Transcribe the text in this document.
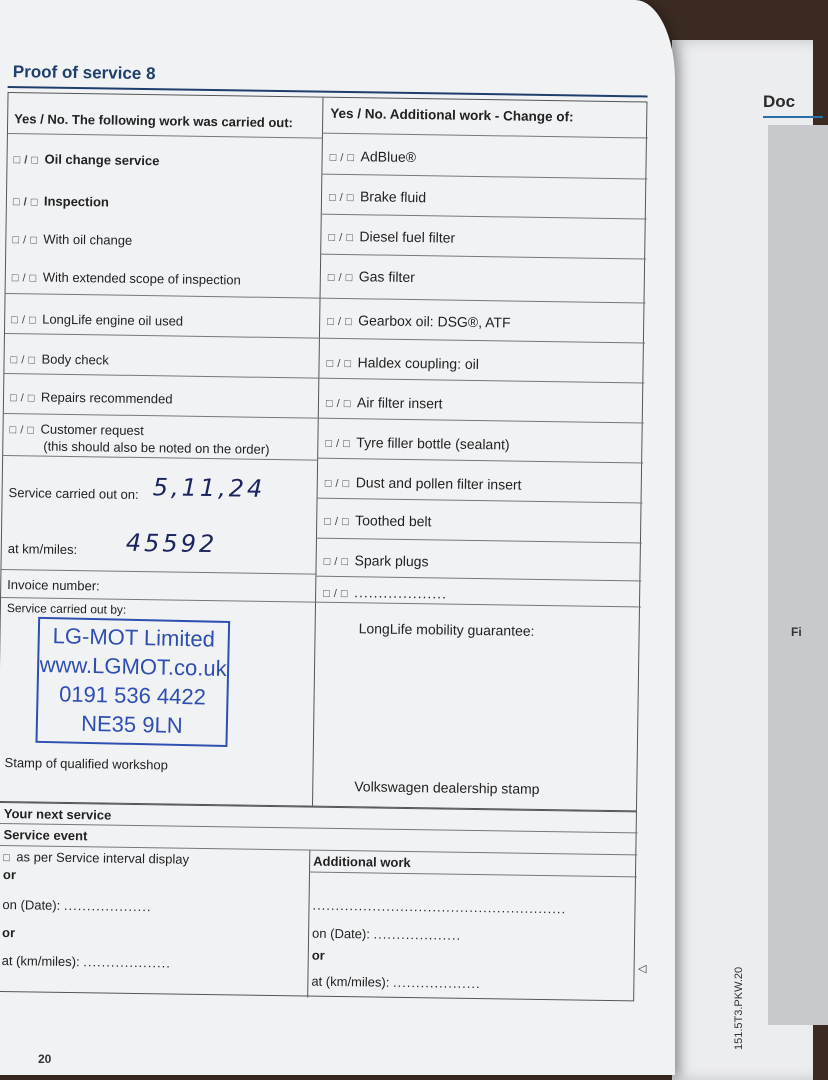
Doc
Fi
151.5T3.PKW.20
Proof of service 8
Yes / No. The following work was carried out:	Yes / No. Additional work - Change of:
□ / □ Oil change service
□ / □ Inspection
□ / □ With oil change
□ / □ With extended scope of inspection
□ / □ LongLife engine oil used
□ / □ Body check
□ / □ Repairs recommended
□ / □ Customer request
(this should also be noted on the order)
Service carried out on: 5,11,24
at km/miles: 45592
Invoice number:
Service carried out by:
Stamp of qualified workshop
□ / □ AdBlue®
□ / □ Brake fluid
□ / □ Diesel fuel filter
□ / □ Gas filter
□ / □ Gearbox oil: DSG®, ATF
□ / □ Haldex coupling: oil
□ / □ Air filter insert
□ / □ Tyre filler bottle (sealant)
□ / □ Dust and pollen filter insert
□ / □ Toothed belt
□ / □ Spark plugs
□ / □ ...................
LongLife mobility guarantee:
Volkswagen dealership stamp
LG-MOT Limited
www.LGMOT.co.uk
0191 536 4422
NE35 9LN
Your next service
Service event
□ as per Service interval display
or
on (Date): ...................
or
at (km/miles): ...................
Additional work
.......................................................
on (Date): ...................
or
at (km/miles): ...................
◁
20
